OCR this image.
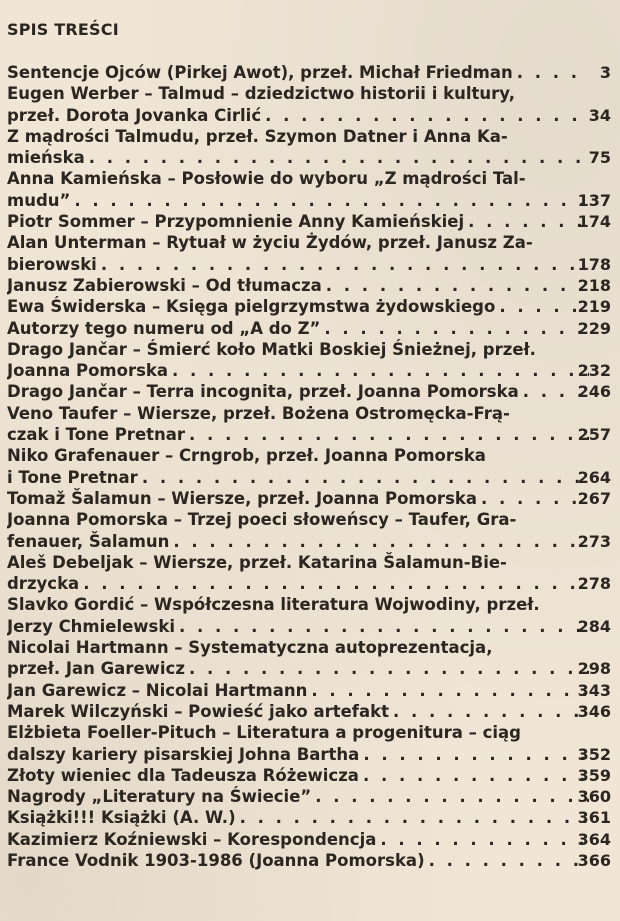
SPIS TREŚCI
Sentencje Ojców (Pirkej Awot), przeł. Michał Friedman . . .	3
Eugen Werber – Talmud – dziedzictwo historii i kultury,
przeł. Dorota Jovanka Cirlić . . .	34
Z mądrości Talmudu, przeł. Szymon Datner i Anna Ka-
mieńska . . .	75
Anna Kamieńska – Posłowie do wyboru „Z mądrości Tal-
mudu” . . .	137
Piotr Sommer – Przypomnienie Anny Kamieńskiej . . .	174
Alan Unterman – Rytuał w życiu Żydów, przeł. Janusz Za-
bierowski . . .	178
Janusz Zabierowski – Od tłumacza . . .	218
Ewa Świderska – Księga pielgrzymstwa żydowskiego . . .	219
Autorzy tego numeru od „A do Z” . . .	229
Drago Jančar – Śmierć koło Matki Boskiej Śnieżnej, przeł.
Joanna Pomorska . . .	232
Drago Jančar – Terra incognita, przeł. Joanna Pomorska . . .	246
Veno Taufer – Wiersze, przeł. Bożena Ostromęcka-Frą-
czak i Tone Pretnar . . .	257
Niko Grafenauer – Crngrob, przeł. Joanna Pomorska
i Tone Pretnar . . .	264
Tomaž Šalamun – Wiersze, przeł. Joanna Pomorska . . .	267
Joanna Pomorska – Trzej poeci słoweńscy – Taufer, Gra-
fenauer, Šalamun . . .	273
Aleš Debeljak – Wiersze, przeł. Katarina Šalamun-Bie-
drzycka . . .	278
Slavko Gordić – Współczesna literatura Wojwodiny, przeł.
Jerzy Chmielewski . . .	284
Nicolai Hartmann – Systematyczna autoprezentacja,
przeł. Jan Garewicz . . .	298
Jan Garewicz – Nicolai Hartmann . . .	343
Marek Wilczyński – Powieść jako artefakt . . .	346
Elżbieta Foeller-Pituch – Literatura a progenitura – ciąg
dalszy kariery pisarskiej Johna Bartha . . .	352
Złoty wieniec dla Tadeusza Różewicza . . .	359
Nagrody „Literatury na Świecie” . . .	360
Książki!!! Książki (A. W.) . . .	361
Kazimierz Koźniewski – Korespondencja . . .	364
France Vodnik 1903-1986 (Joanna Pomorska) . . .	366
